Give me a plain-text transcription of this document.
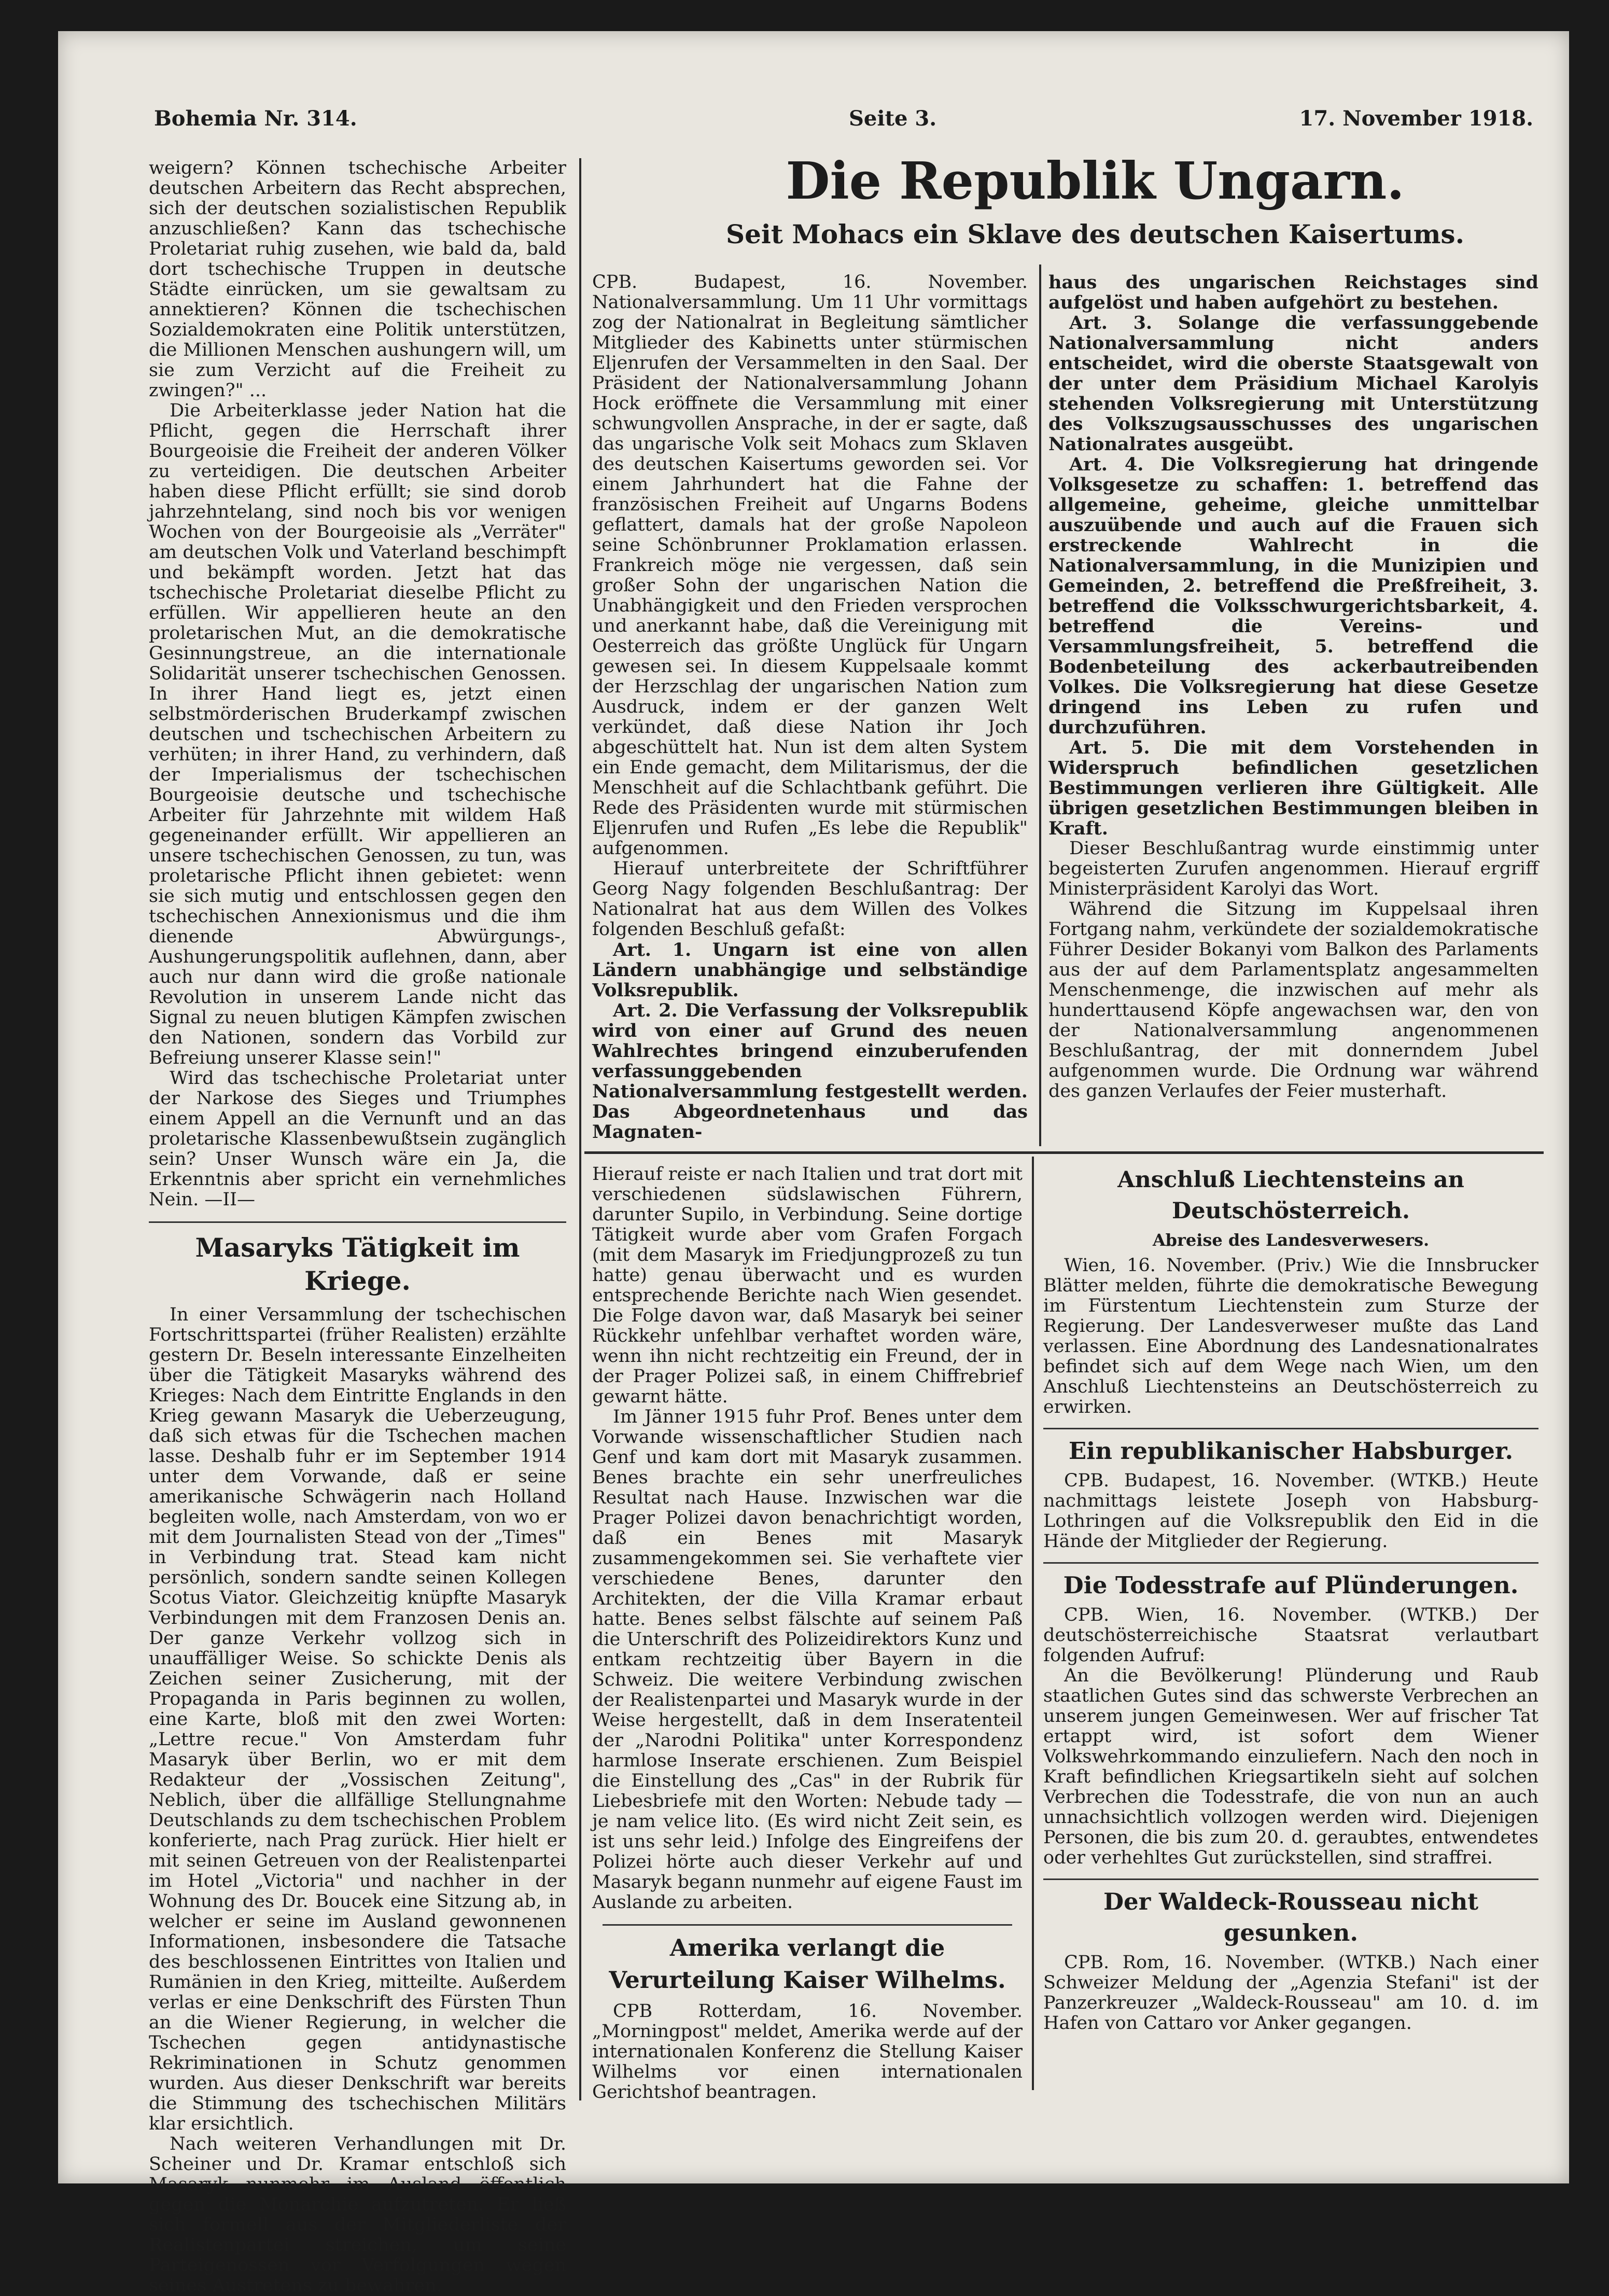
Bohemia Nr. 314.	Seite 3.	17. November 1918.
Die Republik Ungarn.
Seit Mohacs ein Sklave des deutschen Kaisertums.

weigern? Können tschechische Arbeiter deutschen Arbeitern das Recht absprechen, sich der deutschen sozialistischen Republik anzuschließen? Kann das tschechische Proletariat ruhig zusehen, wie bald da, bald dort tschechische Truppen in deutsche Städte einrücken, um sie gewaltsam zu annektieren? Können die tschechischen Sozialdemokraten eine Politik unterstützen, die Millionen Menschen aushungern will, um sie zum Verzicht auf die Freiheit zu zwingen?" ...

Die Arbeiterklasse jeder Nation hat die Pflicht, gegen die Herrschaft ihrer Bourgeoisie die Freiheit der anderen Völker zu verteidigen. Die deutschen Arbeiter haben diese Pflicht erfüllt; sie sind dorob jahrzehntelang, sind noch bis vor wenigen Wochen von der Bourgeoisie als „Verräter" am deutschen Volk und Vaterland beschimpft und bekämpft worden. Jetzt hat das tschechische Proletariat dieselbe Pflicht zu erfüllen. Wir appellieren heute an den proletarischen Mut, an die demokratische Gesinnungstreue, an die internationale Solidarität unserer tschechischen Genossen. In ihrer Hand liegt es, jetzt einen selbstmörderischen Bruderkampf zwischen deutschen und tschechischen Arbeitern zu verhüten; in ihrer Hand, zu verhindern, daß der Imperialismus der tschechischen Bourgeoisie deutsche und tschechische Arbeiter für Jahrzehnte mit wildem Haß gegeneinander erfüllt. Wir appellieren an unsere tschechischen Genossen, zu tun, was proletarische Pflicht ihnen gebietet: wenn sie sich mutig und entschlossen gegen den tschechischen Annexionismus und die ihm dienende Abwürgungs-, Aushungerungspolitik auflehnen, dann, aber auch nur dann wird die große nationale Revolution in unserem Lande nicht das Signal zu neuen blutigen Kämpfen zwischen den Nationen, sondern das Vorbild zur Befreiung unserer Klasse sein!"

Wird das tschechische Proletariat unter der Narkose des Sieges und Triumphes einem Appell an die Vernunft und an das proletarische Klassenbewußtsein zugänglich sein? Unser Wunsch wäre ein Ja, die Erkenntnis aber spricht ein vernehmliches Nein. —II—

Masaryks Tätigkeit im Kriege.

In einer Versammlung der tschechischen Fortschrittspartei (früher Realisten) erzählte gestern Dr. Beseln interessante Einzelheiten über die Tätigkeit Masaryks während des Krieges: Nach dem Eintritte Englands in den Krieg gewann Masaryk die Ueberzeugung, daß sich etwas für die Tschechen machen lasse. Deshalb fuhr er im September 1914 unter dem Vorwande, daß er seine amerikanische Schwägerin nach Holland begleiten wolle, nach Amsterdam, von wo er mit dem Journalisten Stead von der „Times" in Verbindung trat. Stead kam nicht persönlich, sondern sandte seinen Kollegen Scotus Viator. Gleichzeitig knüpfte Masaryk Verbindungen mit dem Franzosen Denis an. Der ganze Verkehr vollzog sich in unauffälliger Weise. So schickte Denis als Zeichen seiner Zusicherung, mit der Propaganda in Paris beginnen zu wollen, eine Karte, bloß mit den zwei Worten: „Lettre recue." Von Amsterdam fuhr Masaryk über Berlin, wo er mit dem Redakteur der „Vossischen Zeitung", Neblich, über die allfällige Stellungnahme Deutschlands zu dem tschechischen Problem konferierte, nach Prag zurück. Hier hielt er mit seinen Getreuen von der Realistenpartei im Hotel „Victoria" und nachher in der Wohnung des Dr. Boucek eine Sitzung ab, in welcher er seine im Ausland gewonnenen Informationen, insbesondere die Tatsache des beschlossenen Eintrittes von Italien und Rumänien in den Krieg, mitteilte. Außerdem verlas er eine Denkschrift des Fürsten Thun an die Wiener Regierung, in welcher die Tschechen gegen antidynastische Rekriminationen in Schutz genommen wurden. Aus dieser Denkschrift war bereits die Stimmung des tschechischen Militärs klar ersichtlich.

Nach weiteren Verhandlungen mit Dr. Scheiner und Dr. Kramar entschloß sich Masaryk nunmehr im Ausland öffentlich gegen die Monarchie aufzutreten. Er ließ sich formell aus der Mitgliederliste der Realistenpartei streichen, um seine Parteigenossen vor Verfolgungen wegen seines Austretens zu bewahren.

CPB. Budapest, 16. November. Nationalversammlung. Um 11 Uhr vormittags zog der Nationalrat in Begleitung sämtlicher Mitglieder des Kabinetts unter stürmischen Eljenrufen der Versammelten in den Saal. Der Präsident der Nationalversammlung Johann Hock eröffnete die Versammlung mit einer schwungvollen Ansprache, in der er sagte, daß das ungarische Volk seit Mohacs zum Sklaven des deutschen Kaisertums geworden sei. Vor einem Jahrhundert hat die Fahne der französischen Freiheit auf Ungarns Bodens geflattert, damals hat der große Napoleon seine Schönbrunner Proklamation erlassen. Frankreich möge nie vergessen, daß sein großer Sohn der ungarischen Nation die Unabhängigkeit und den Frieden versprochen und anerkannt habe, daß die Vereinigung mit Oesterreich das größte Unglück für Ungarn gewesen sei. In diesem Kuppelsaale kommt der Herzschlag der ungarischen Nation zum Ausdruck, indem er der ganzen Welt verkündet, daß diese Nation ihr Joch abgeschüttelt hat. Nun ist dem alten System ein Ende gemacht, dem Militarismus, der die Menschheit auf die Schlachtbank geführt. Die Rede des Präsidenten wurde mit stürmischen Eljenrufen und Rufen „Es lebe die Republik" aufgenommen.

Hierauf unterbreitete der Schriftführer Georg Nagy folgenden Beschlußantrag: Der Nationalrat hat aus dem Willen des Volkes folgenden Beschluß gefaßt:

Art. 1. Ungarn ist eine von allen Ländern unabhängige und selbständige Volksrepublik.

Art. 2. Die Verfassung der Volksrepublik wird von einer auf Grund des neuen Wahlrechtes bringend einzuberufenden verfassunggebenden Nationalversammlung festgestellt werden. Das Abgeordnetenhaus und das Magnaten-

haus des ungarischen Reichstages sind aufgelöst und haben aufgehört zu bestehen.

Art. 3. Solange die verfassunggebende Nationalversammlung nicht anders entscheidet, wird die oberste Staatsgewalt von der unter dem Präsidium Michael Karolyis stehenden Volksregierung mit Unterstützung des Volkszugsausschusses des ungarischen Nationalrates ausgeübt.

Art. 4. Die Volksregierung hat dringende Volksgesetze zu schaffen: 1. betreffend das allgemeine, geheime, gleiche unmittelbar auszuübende und auch auf die Frauen sich erstreckende Wahlrecht in die Nationalversammlung, in die Munizipien und Gemeinden, 2. betreffend die Preßfreiheit, 3. betreffend die Volksschwurgerichtsbarkeit, 4. betreffend die Vereins- und Versammlungsfreiheit, 5. betreffend die Bodenbeteilung des ackerbautreibenden Volkes. Die Volksregierung hat diese Gesetze dringend ins Leben zu rufen und durchzuführen.

Art. 5. Die mit dem Vorstehenden in Widerspruch befindlichen gesetzlichen Bestimmungen verlieren ihre Gültigkeit. Alle übrigen gesetzlichen Bestimmungen bleiben in Kraft.

Dieser Beschlußantrag wurde einstimmig unter begeisterten Zurufen angenommen. Hierauf ergriff Ministerpräsident Karolyi das Wort.

Während die Sitzung im Kuppelsaal ihren Fortgang nahm, verkündete der sozialdemokratische Führer Desider Bokanyi vom Balkon des Parlaments aus der auf dem Parlamentsplatz angesammelten Menschenmenge, die inzwischen auf mehr als hunderttausend Köpfe angewachsen war, den von der Nationalversammlung angenommenen Beschlußantrag, der mit donnerndem Jubel aufgenommen wurde. Die Ordnung war während des ganzen Verlaufes der Feier musterhaft.

Hierauf reiste er nach Italien und trat dort mit verschiedenen südslawischen Führern, darunter Supilo, in Verbindung. Seine dortige Tätigkeit wurde aber vom Grafen Forgach (mit dem Masaryk im Friedjungprozeß zu tun hatte) genau überwacht und es wurden entsprechende Berichte nach Wien gesendet. Die Folge davon war, daß Masaryk bei seiner Rückkehr unfehlbar verhaftet worden wäre, wenn ihn nicht rechtzeitig ein Freund, der in der Prager Polizei saß, in einem Chiffrebrief gewarnt hätte.

Im Jänner 1915 fuhr Prof. Benes unter dem Vorwande wissenschaftlicher Studien nach Genf und kam dort mit Masaryk zusammen. Benes brachte ein sehr unerfreuliches Resultat nach Hause. Inzwischen war die Prager Polizei davon benachrichtigt worden, daß ein Benes mit Masaryk zusammengekommen sei. Sie verhaftete vier verschiedene Benes, darunter den Architekten, der die Villa Kramar erbaut hatte. Benes selbst fälschte auf seinem Paß die Unterschrift des Polizeidirektors Kunz und entkam rechtzeitig über Bayern in die Schweiz. Die weitere Verbindung zwischen der Realistenpartei und Masaryk wurde in der Weise hergestellt, daß in dem Inseratenteil der „Narodni Politika" unter Korrespondenz harmlose Inserate erschienen. Zum Beispiel die Einstellung des „Cas" in der Rubrik für Liebesbriefe mit den Worten: Nebude tady — je nam velice lito. (Es wird nicht Zeit sein, es ist uns sehr leid.) Infolge des Eingreifens der Polizei hörte auch dieser Verkehr auf und Masaryk begann nunmehr auf eigene Faust im Auslande zu arbeiten.

Amerika verlangt die Verurteilung Kaiser Wilhelms.

CPB Rotterdam, 16. November. „Morningpost" meldet, Amerika werde auf der internationalen Konferenz die Stellung Kaiser Wilhelms vor einen internationalen Gerichtshof beantragen.

Anschluß Liechtensteins an Deutschösterreich.
Abreise des Landesverwesers.

Wien, 16. November. (Priv.) Wie die Innsbrucker Blätter melden, führte die demokratische Bewegung im Fürstentum Liechtenstein zum Sturze der Regierung. Der Landesverweser mußte das Land verlassen. Eine Abordnung des Landesnationalrates befindet sich auf dem Wege nach Wien, um den Anschluß Liechtensteins an Deutschösterreich zu erwirken.

Ein republikanischer Habsburger.

CPB. Budapest, 16. November. (WTKB.) Heute nachmittags leistete Joseph von Habsburg-Lothringen auf die Volksrepublik den Eid in die Hände der Mitglieder der Regierung.

Die Todesstrafe auf Plünderungen.

CPB. Wien, 16. November. (WTKB.) Der deutschösterreichische Staatsrat verlautbart folgenden Aufruf:

An die Bevölkerung! Plünderung und Raub staatlichen Gutes sind das schwerste Verbrechen an unserem jungen Gemeinwesen. Wer auf frischer Tat ertappt wird, ist sofort dem Wiener Volkswehrkommando einzuliefern. Nach den noch in Kraft befindlichen Kriegsartikeln sieht auf solchen Verbrechen die Todesstrafe, die von nun an auch unnachsichtlich vollzogen werden wird. Diejenigen Personen, die bis zum 20. d. geraubtes, entwendetes oder verhehltes Gut zurückstellen, sind straffrei.

Der Waldeck-Rousseau nicht gesunken.

CPB. Rom, 16. November. (WTKB.) Nach einer Schweizer Meldung der „Agenzia Stefani" ist der Panzerkreuzer „Waldeck-Rousseau" am 10. d. im Hafen von Cattaro vor Anker gegangen.
